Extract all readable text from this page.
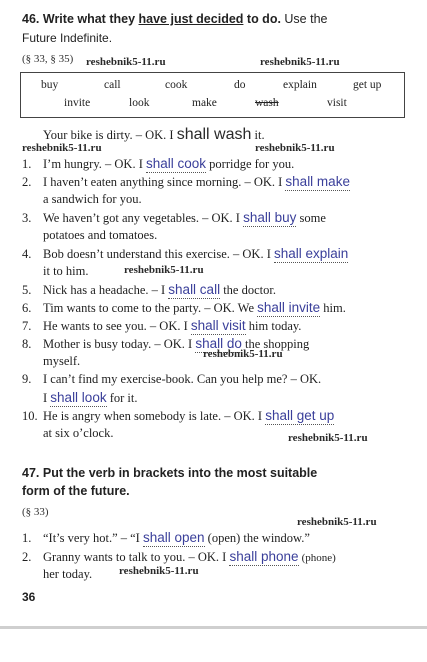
46. Write what they have just decided to do. Use the
Future Indefinite.
(§ 33, § 35) reshebnik5-11.ru	reshebnik5-11.ru
buy	call	cook	do	explain	get up
invite	look	make	wash	visit
Your bike is dirty. – OK. I shall wash it.
reshebnik5-11.ru	reshebnik5-11.ru
1. I’m hungry. – OK. I shall cook porridge for you.
2. I haven’t eaten anything since morning. – OK. I shall make
a sandwich for you.
3. We haven’t got any vegetables. – OK. I shall buy some
potatoes and tomatoes.
4. Bob doesn’t understand this exercise. – OK. I shall explain
it to him.	reshebnik5-11.ru
5. Nick has a headache. – I shall call the doctor.
6. Tim wants to come to the party. – OK. We shall invite him.
7. He wants to see you. – OK. I shall visit him today.
8. Mother is busy today. – OK. I shall do the shopping
myself.	reshebnik5-11.ru
9. I can’t find my exercise-book. Can you help me? – OK.
I shall look for it.
10. He is angry when somebody is late. – OK. I shall get up
at six o’clock.	reshebnik5-11.ru
47. Put the verb in brackets into the most suitable
form of the future.
(§ 33)
reshebnik5-11.ru
1. “It’s very hot.” – “I shall open (open) the window.”
2. Granny wants to talk to you. – OK. I shall phone (phone)
her today. reshebnik5-11.ru
36
